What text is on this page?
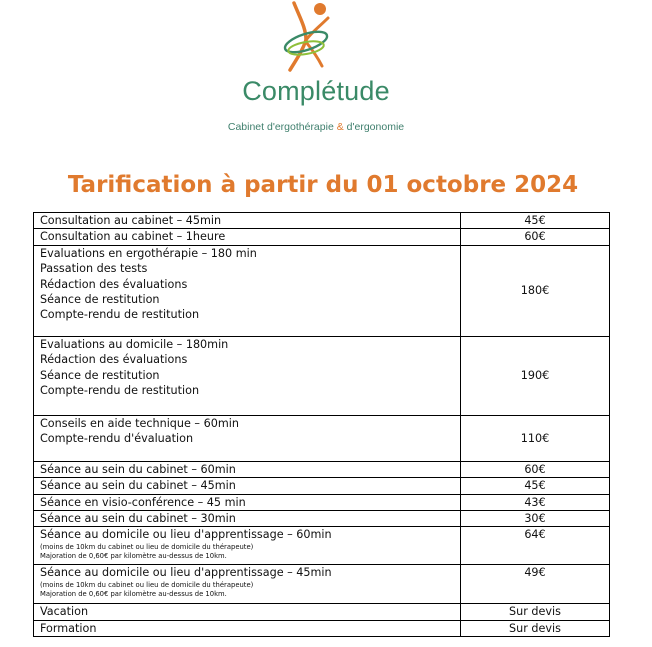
Complétude
Cabinet d'ergothérapie & d'ergonomie
Tarification à partir du 01 octobre 2024
Consultation au cabinet – 45min	45€

Consultation au cabinet – 1heure	60€

Evaluations en ergothérapie – 180 min
Passation des tests
Rédaction des évaluations
Séance de restitution
Compte-rendu de restitution	180€

Evaluations au domicile – 180min
Rédaction des évaluations
Séance de restitution
Compte-rendu de restitution	190€

Conseils en aide technique – 60min
Compte-rendu d'évaluation	110€

Séance au sein du cabinet – 60min	60€

Séance au sein du cabinet – 45min	45€

Séance en visio-conférence – 45 min	43€

Séance au sein du cabinet – 30min	30€

Séance au domicile ou lieu d'apprentissage – 60min
(moins de 10km du cabinet ou lieu de domicile du thérapeute)
Majoration de 0,60€ par kilomètre au-dessus de 10km.	64€

Séance au domicile ou lieu d'apprentissage – 45min
(moins de 10km du cabinet ou lieu de domicile du thérapeute)
Majoration de 0,60€ par kilomètre au-dessus de 10km.	49€

Vacation	Sur devis

Formation	Sur devis
